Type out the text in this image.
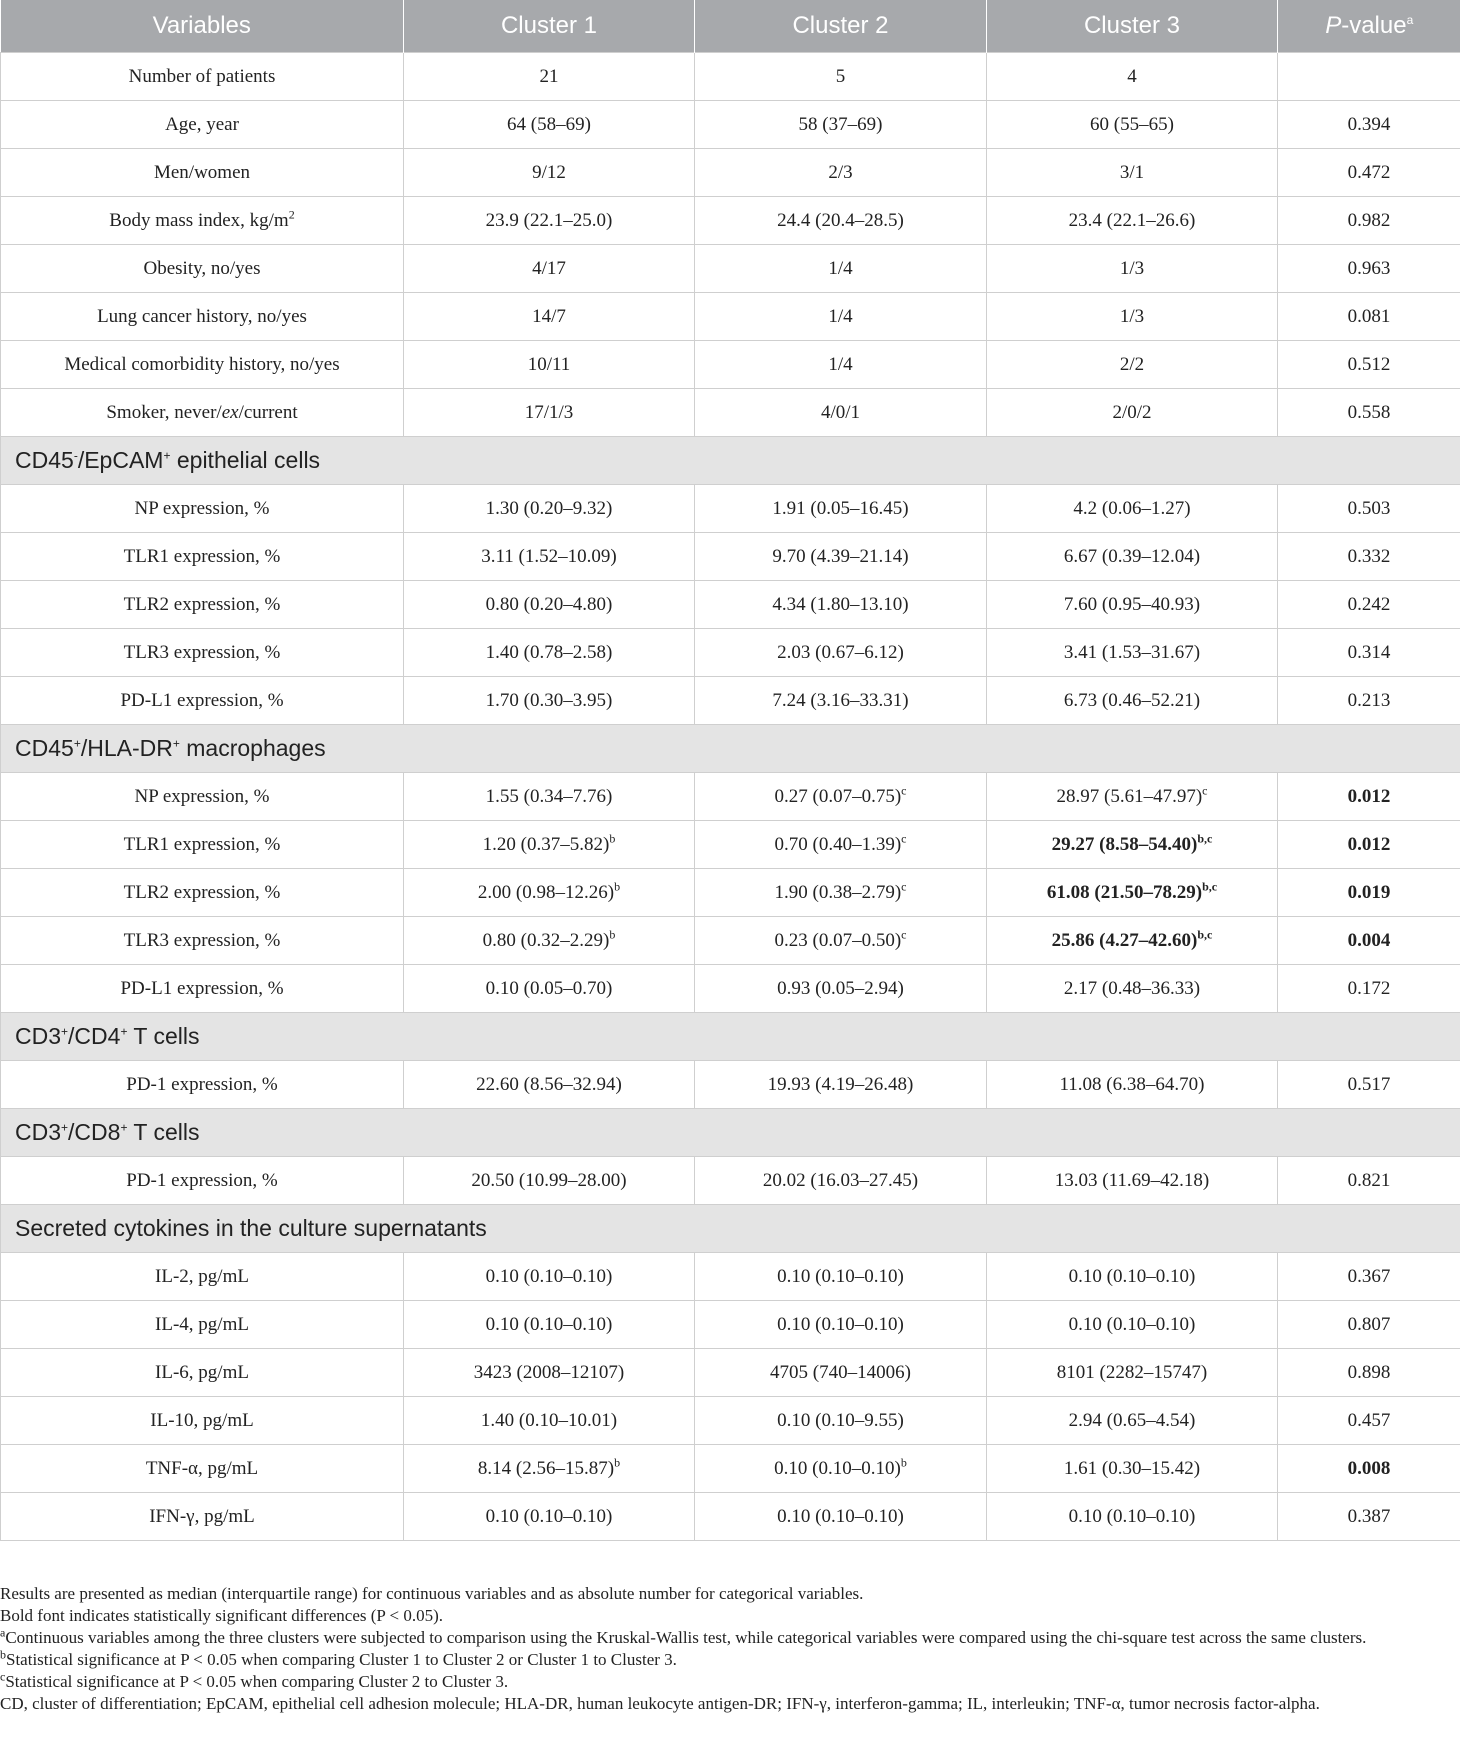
Variables	Cluster 1	Cluster 2	Cluster 3	P-value$^a$
Number of patients	21	5	4	
Age, year	64 (58–69)	58 (37–69)	60 (55–65)	0.394
Men/women	9/12	2/3	3/1	0.472
Body mass index, $kg/m^2$	23.9 (22.1–25.0)	24.4 (20.4–28.5)	23.4 (22.1–26.6)	0.982
Obesity, no/yes	4/17	1/4	1/3	0.963
Lung cancer history, no/yes	14/7	1/4	1/3	0.081
Medical comorbidity history, no/yes	10/11	1/4	2/2	0.512
Smoker, never/ex/current	17/1/3	4/0/1	2/0/2	0.558
CD45-/EpCAM+ epithelial cells				
NP expression, %	1.30 (0.20–9.32)	1.91 (0.05–16.45)	4.2 (0.06–1.27)	0.503
TLR1 expression, %	3.11 (1.52–10.09)	9.70 (4.39–21.14)	6.67 (0.39–12.04)	0.332
TLR2 expression, %	0.80 (0.20–4.80)	4.34 (1.80–13.10)	7.60 (0.95–40.93)	0.242
TLR3 expression, %	1.40 (0.78–2.58)	2.03 (0.67–6.12)	3.41 (1.53–31.67)	0.314
PD-L1 expression, %	1.70 (0.30–3.95)	7.24 (3.16–33.31)	6.73 (0.46–52.21)	0.213
CD45+/HLA-DR+ macrophages				
NP expression, %	1.55 (0.34–7.76)	0.27 $(0.07-0.75)^c$	28.97 $(5.61-47.97)^c$	0.012
TLR1 expression, %	1.20 $(0.37-5.82)^b$	0.70 $(0.40-1.39)^c$	29.27 $(8.58-54.40)^{b,c}$	0.012
TLR2 expression, %	2.00 $(0.98-12.26)^b$	1.90 $(0.38-2.79)^c$	61.08 $(21.50-78.29)^{b,c}$	0.019
TLR3 expression, %	0.80 $(0.32-2.29)^b$	0.23 $(0.07-0.50)^c$	25.86 $(4.27-42.60)^{b,c}$	0.004
PD-L1 expression, %	0.10 (0.05–0.70)	0.93 (0.05–2.94)	2.17 (0.48–36.33)	0.172
CD3+/CD4+ T cells				
PD-1 expression, %	22.60 (8.56–32.94)	19.93 (4.19–26.48)	11.08 (6.38–64.70)	0.517
CD3+/CD8+ T cells				
PD-1 expression, %	20.50 (10.99–28.00)	20.02 (16.03–27.45)	13.03 (11.69–42.18)	0.821
Secreted cytokines in the culture supernatants				
IL-2, pg/mL	0.10 (0.10–0.10)	0.10 (0.10–0.10)	0.10 (0.10–0.10)	0.367
IL-4, pg/mL	0.10 (0.10–0.10)	0.10 (0.10–0.10)	0.10 (0.10–0.10)	0.807
IL-6, pg/mL	3423 (2008–12107)	4705 (740–14006)	8101 (2282–15747)	0.898
IL-10, pg/mL	1.40 (0.10–10.01)	0.10 (0.10–9.55)	2.94 (0.65–4.54)	0.457
TNF-α, pg/mL	8.14 $(2.56-15.87)^b$	0.10 $(0.10-0.10)^b$	1.61 (0.30–15.42)	0.008
IFN-γ, pg/mL	0.10 (0.10–0.10)	0.10 (0.10–0.10)	0.10 (0.10–0.10)	0.387

Results are presented as median (interquartile range) for continuous variables and as absolute number for categorical variables.

Bold font indicates statistically significant differences (P < 0.05).

$^a$Continuous variables among the three clusters were subjected to comparison using the Kruskal-Wallis test, while categorical variables were compared using the chi-square test across the same clusters.

$^b$Statistical significance at P < 0.05 when comparing Cluster 1 to Cluster 2 or Cluster 1 to Cluster 3.

$^c$Statistical significance at P < 0.05 when comparing Cluster 2 to Cluster 3.

CD, cluster of differentiation; EpCAM, epithelial cell adhesion molecule; HLA-DR, human leukocyte antigen-DR; IFN-γ, interferon-gamma; IL, interleukin; TNF-α, tumor necrosis factor-alpha.
